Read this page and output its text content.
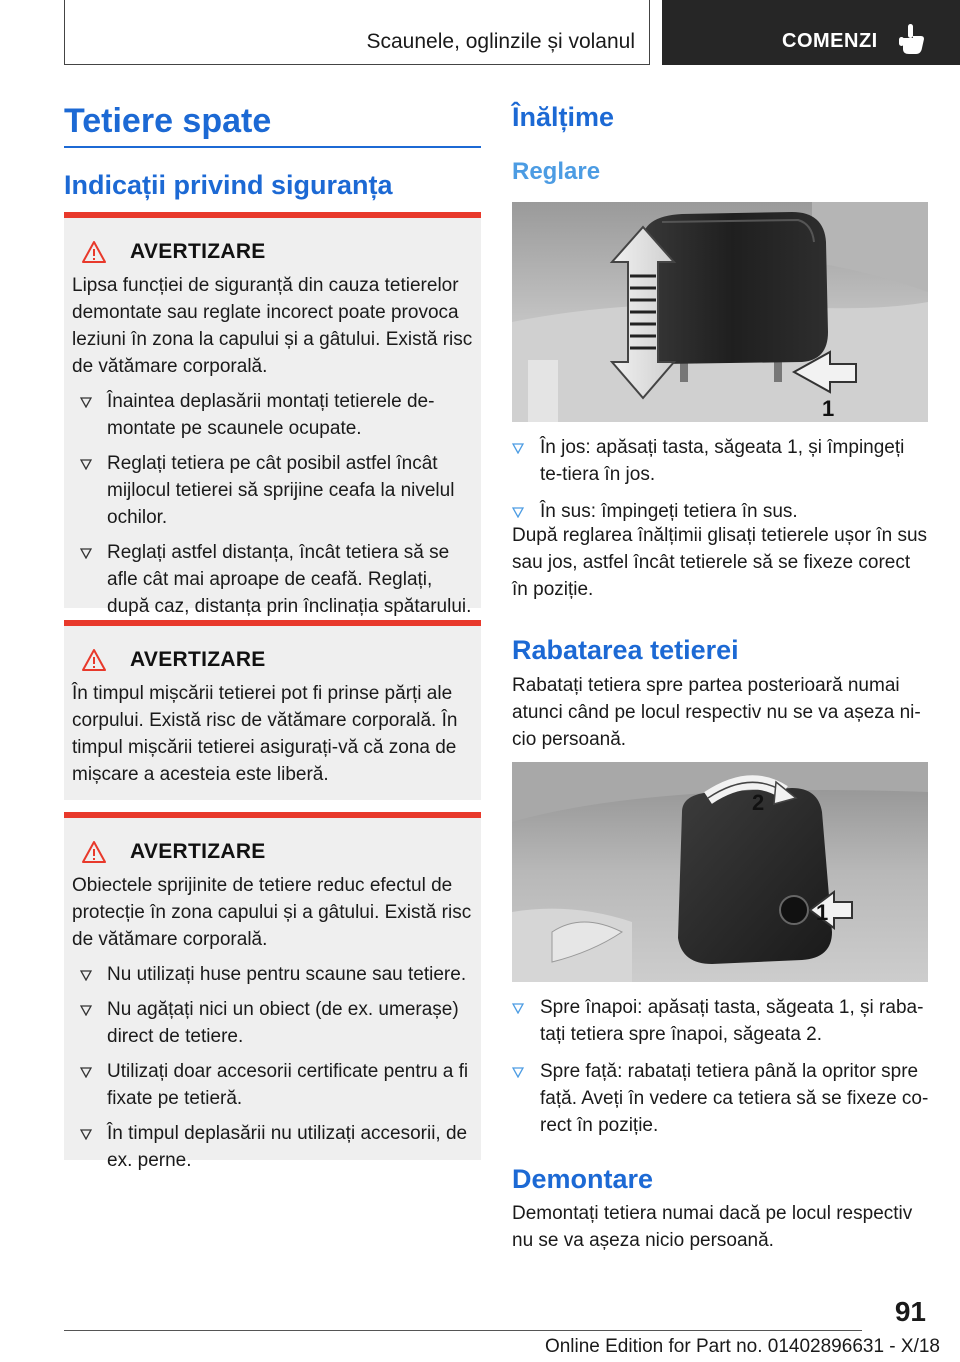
Scaunele, oglinzile și volanul	COMENZI
Tetiere spate
Indicații privind siguranța
AVERTIZARE

Lipsa funcției de siguranță din cauza tetierelor demontate sau reglate incorect poate provoca leziuni în zona la capului și a gâtului. Există risc de vătămare corporală.

Înaintea deplasării montați tetierele de-montate pe scaunele ocupate.
Reglați tetiera pe cât posibil astfel încât mijlocul tetierei să sprijine ceafa la nivelul ochilor.
Reglați astfel distanța, încât tetiera să se afle cât mai aproape de ceafă. Reglați, după caz, distanța prin înclinația spătarului.
AVERTIZARE

În timpul mișcării tetierei pot fi prinse părți ale corpului. Există risc de vătămare corporală. În timpul mișcării tetierei asigurați-vă că zona de mișcare a acesteia este liberă.

AVERTIZARE

Obiectele sprijinite de tetiere reduc efectul de protecție în zona capului și a gâtului. Există risc de vătămare corporală.

Nu utilizați huse pentru scaune sau tetiere.
Nu agățați nici un obiect (de ex. umerașe) direct de tetiere.
Utilizați doar accesorii certificate pentru a fi fixate pe tetieră.
În timpul deplasării nu utilizați accesorii, de ex. perne.
Înălțime
Reglare
1
În jos: apăsați tasta, săgeata 1, și împingeți te-tiera în jos.
În sus: împingeți tetiera în sus.

După reglarea înălțimii glisați tetierele ușor în sus sau jos, astfel încât tetierele să se fixeze corect în poziție.

Rabatarea tetierei

Rabatați tetiera spre partea posterioară numai atunci când pe locul respectiv nu se va așeza ni-cio persoană.

2
1
Spre înapoi: apăsați tasta, săgeata 1, și raba-tați tetiera spre înapoi, săgeata 2.
Spre față: rabatați tetiera până la opritor spre față. Aveți în vedere ca tetiera să se fixeze co-rect în poziție.
Demontare

Demontați tetiera numai dacă pe locul respectiv nu se va așeza nicio persoană.

91
Online Edition for Part no. 01402896631 - X/18
